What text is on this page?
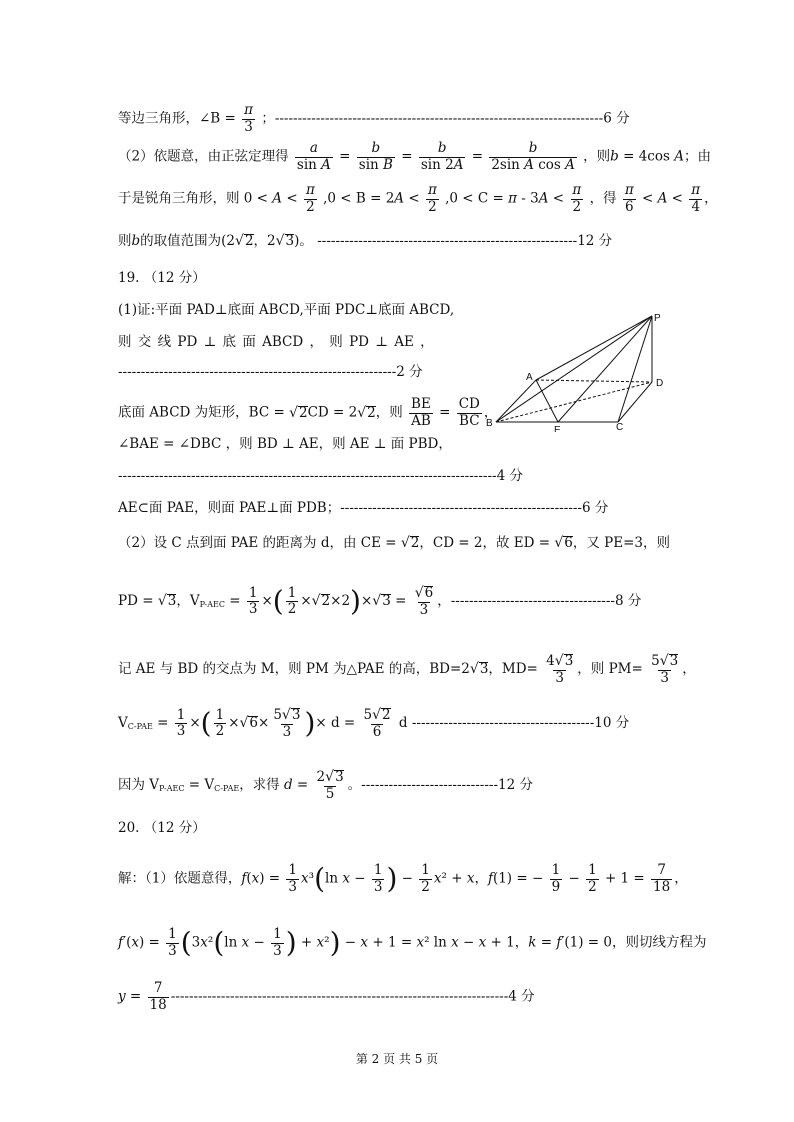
等边三角形，∠B = $\frac{\pi}{3}$ ；------------------------------------------------------------------------6 分
（2）依题意，由正弦定理得 $\frac{a}{\text{sin A}} = \frac{b}{\text{sin B}} = \frac{b}{\sin 2A} = \frac{b}{\text{2sin A cos A}}$ ，则b = 4cos A；由
于是锐角三角形，则 $0 < A < \frac{\pi}{2} ,0 < B = 2A < \frac{\pi}{2} ,0 < C = \pi - 3A < \frac{\pi}{2}$ ，得 $\frac{\pi}{6} < A < \frac{\pi}{4}$ ，
则b的取值范围为(2 √ 2 ，2 √ 3 )。 ---------------------------------------------------------12 分
19. （12 分）
(1)证:平面 PAD⊥底面 ABCD,平面 PDC⊥底面 ABCD,
则 交 线 PD ⊥ 底 面 ABCD ， 则 PD ⊥ AE ，
-------------------------------------------------------------2 分
底面 ABCD 为矩形，BC = √ 2 CD = 2 √ 2 ，则 $\frac{BE}{AB} = \frac{CD}{BC}$ ，
∠BAE = ∠DBC ，则 BD ⊥ AE，则 AE ⊥ 面 PBD，
-----------------------------------------------------------------------------------4 分
AE⊂面 PAE，则面 PAE⊥面 PDB；-----------------------------------------------------6 分
（2）设 C 点到面 PAE 的距离为 d，由 CE = √ 2 ，CD = 2，故 ED = √ 6 ，又 PE=3，则
PD = √ 3 ，$V_{P-AEC} = \frac{1}{3}$ ×( $\frac{1}{2}$ × √ 2 ×2)× √ $3 = \frac{√ 6}{3}$ ，------------------------------------8 分
记 AE 与 BD 的交点为 M，则 PM 为△PAE 的高，BD=2 √ 3 ，$MD= \frac{4 √ 3}{3}$ ，则 $PM= \frac{5 √ 3}{3}$ ，
$V_{C-PAE} = \frac{1}{3}$ ×( $\frac{1}{2}$ × √ $6 \times \frac{5 √ 3}{3}$ )× $d = \frac{5 √ 2}{6}$ d ----------------------------------------10 分
因为 $V_{P-AEC} = V_{C-PAE}$，求得 $d = \frac{2 √ 3}{5}$ 。------------------------------12 分
20. （12 分）
解：（1）依题意得，$f(x) = \frac{1}{3} x^3(\ln$ $x - \frac{1}{3}$ ) − $\frac{1}{2} x^2 + x$，f(1) = − $\frac{1}{9} - \frac{1}{2} + 1 = \frac{7}{18}$ ，
$f'(x) = \frac{1}{3} (3x^2(\ln$ $x - \frac{1}{3}$ ) + x²) − x + 1 = x² ln x − x + 1，k = f′(1) = 0，则切线方程为
$y = \frac{7}{18} --------------------------------------------------------------------------4$ 分
P
A
D
B
E	C
第 2 页 共 5 页
